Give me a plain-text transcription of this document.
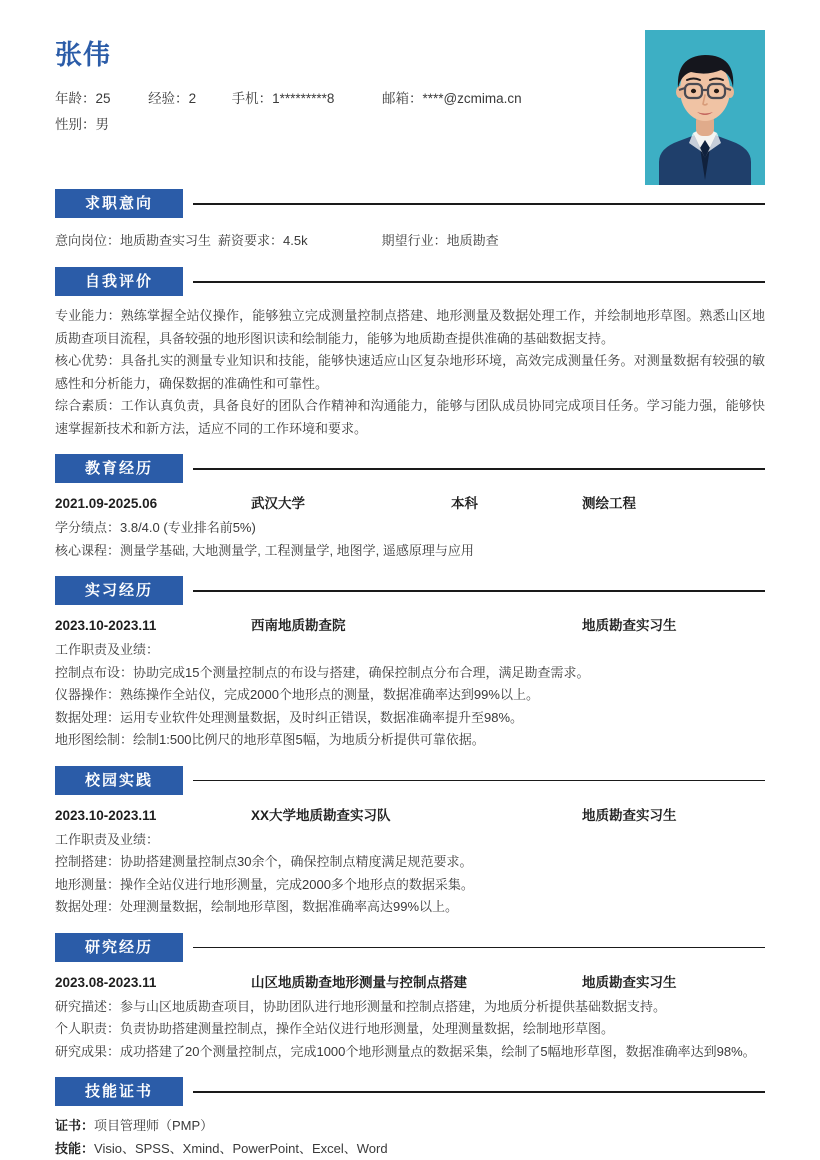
张伟
年龄：25	经验：2	手机：1*********8	邮箱：****@zcmima.cn
性别：男
求职意向
意向岗位：地质勘查实习生 薪资要求：4.5k	期望行业：地质勘查
自我评价

专业能力：熟练掌握全站仪操作，能够独立完成测量控制点搭建、地形测量及数据处理工作，并绘制地形草图。熟悉山区地质勘查项目流程，具备较强的地形图识读和绘制能力，能够为地质勘查提供准确的基础数据支持。

核心优势：具备扎实的测量专业知识和技能，能够快速适应山区复杂地形环境，高效完成测量任务。对测量数据有较强的敏感性和分析能力，确保数据的准确性和可靠性。

综合素质：工作认真负责，具备良好的团队合作精神和沟通能力，能够与团队成员协同完成项目任务。学习能力强，能够快速掌握新技术和新方法，适应不同的工作环境和要求。

教育经历
2021.09-2025.06	武汉大学	本科	测绘工程
学分绩点：3.8/4.0 (专业排名前5%)
核心课程：测量学基础, 大地测量学, 工程测量学, 地图学, 遥感原理与应用
实习经历
2023.10-2023.11	西南地质勘查院	地质勘查实习生
工作职责及业绩：
控制点布设：协助完成15个测量控制点的布设与搭建，确保控制点分布合理，满足勘查需求。
仪器操作：熟练操作全站仪，完成2000个地形点的测量，数据准确率达到99%以上。
数据处理：运用专业软件处理测量数据，及时纠正错误，数据准确率提升至98%。
地形图绘制：绘制1:500比例尺的地形草图5幅，为地质分析提供可靠依据。
校园实践
2023.10-2023.11	XX大学地质勘查实习队	地质勘查实习生
工作职责及业绩：
控制搭建：协助搭建测量控制点30余个，确保控制点精度满足规范要求。
地形测量：操作全站仪进行地形测量，完成2000多个地形点的数据采集。
数据处理：处理测量数据，绘制地形草图，数据准确率高达99%以上。
研究经历
2023.08-2023.11	山区地质勘查地形测量与控制点搭建	地质勘查实习生
研究描述：参与山区地质勘查项目，协助团队进行地形测量和控制点搭建，为地质分析提供基础数据支持。
个人职责：负责协助搭建测量控制点，操作全站仪进行地形测量，处理测量数据，绘制地形草图。

研究成果：成功搭建了20个测量控制点，完成1000个地形测量点的数据采集，绘制了5幅地形草图，数据准确率达到98%。

技能证书
证书：项目管理师（PMP）
技能：Visio、SPSS、Xmind、PowerPoint、Excel、Word
